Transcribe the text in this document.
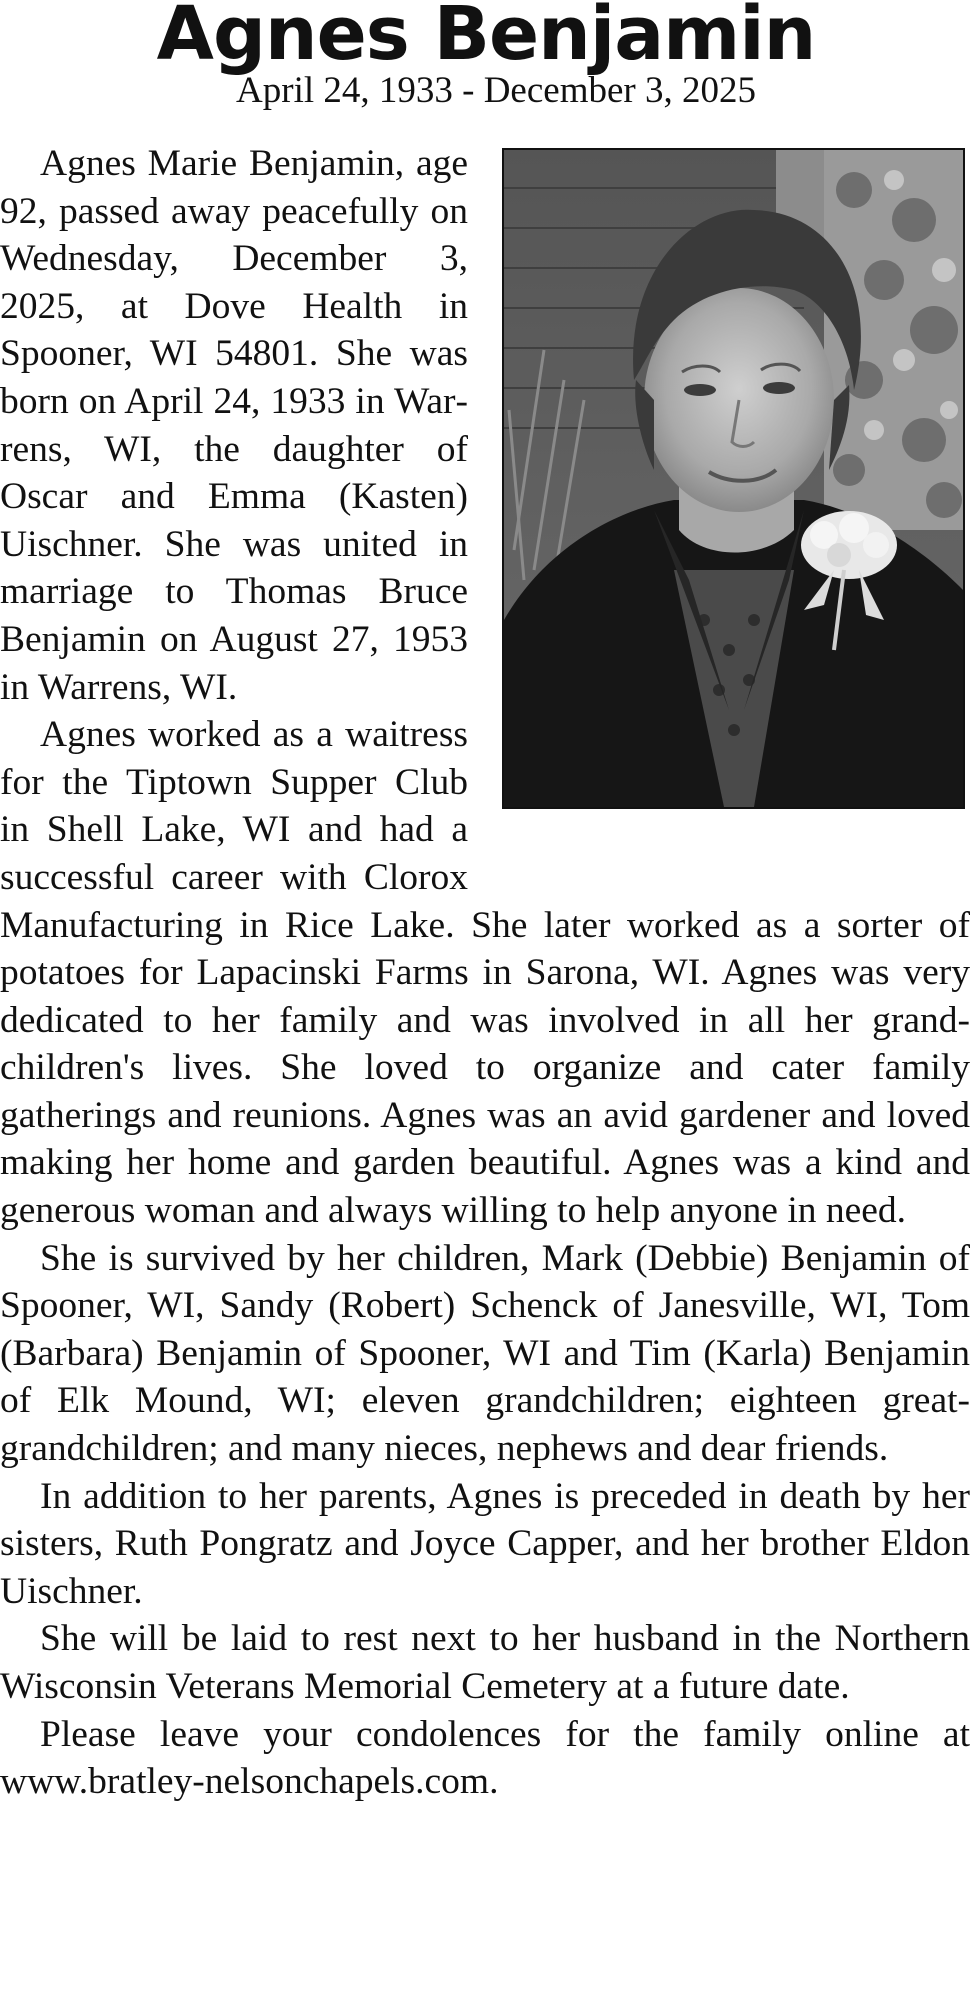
Agnes Benjamin
April 24, 1933 - December 3, 2025

Agnes Marie Benjamin, age 92, passed away peacefully on Wednesday, December 3, 2025, at Dove Health in Spooner, WI 54801. She was born on April 24, 1933 in Warrens, WI, the daughter of Oscar and Emma (Kasten) Uischner. She was united in marriage to Thomas Bruce Benjamin on August 27, 1953 in Warrens, WI.

Agnes worked as a waitress for the Tiptown Supper Club in Shell Lake, WI and had a successful career with Clorox Manufacturing in Rice Lake. She later worked as a sorter of potatoes for Lapacinski Farms in Sarona, WI. Agnes was very dedicated to her family and was involved in all her grandchildren's lives. She loved to organize and cater family gatherings and reunions. Agnes was an avid gardener and loved making her home and garden beautiful. Agnes was a kind and generous woman and always willing to help anyone in need.

She is survived by her children, Mark (Debbie) Benjamin of Spooner, WI, Sandy (Robert) Schenck of Janesville, WI, Tom (Barbara) Benjamin of Spooner, WI and Tim (Karla) Benjamin of Elk Mound, WI; eleven grandchildren; eighteen great-grandchildren; and many nieces, nephews and dear friends.

In addition to her parents, Agnes is preceded in death by her sisters, Ruth Pongratz and Joyce Capper, and her brother Eldon Uischner.

She will be laid to rest next to her husband in the Northern Wisconsin Veterans Memorial Cemetery at a future date.

Please leave your condolences for the family online at www.bratley-nelsonchapels.com.
